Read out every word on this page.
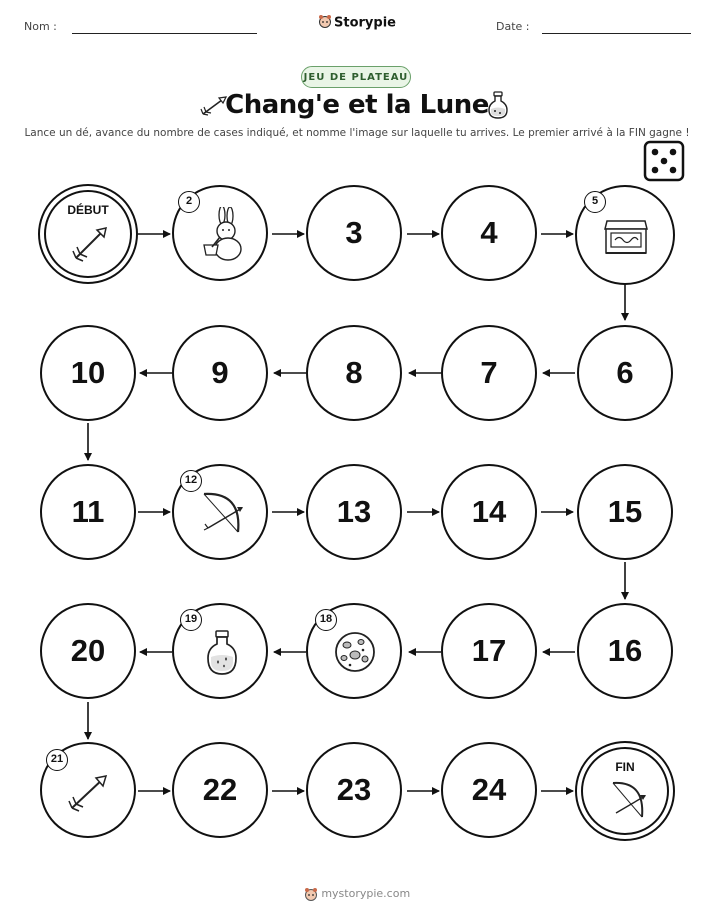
Nom :	Storypie	Date :
JEU DE PLATEAU
Chang'e et la Lune
Lance un dé, avance du nombre de cases indiqué, et nomme l'image sur laquelle tu arrives. Le premier arrivé à la FIN gagne !
DÉBUT
2
3	4
5
6
7
8
9
10
11
12
13	14	15
16
17
18
19
20
21
22	23	24
FIN
mystorypie.com
